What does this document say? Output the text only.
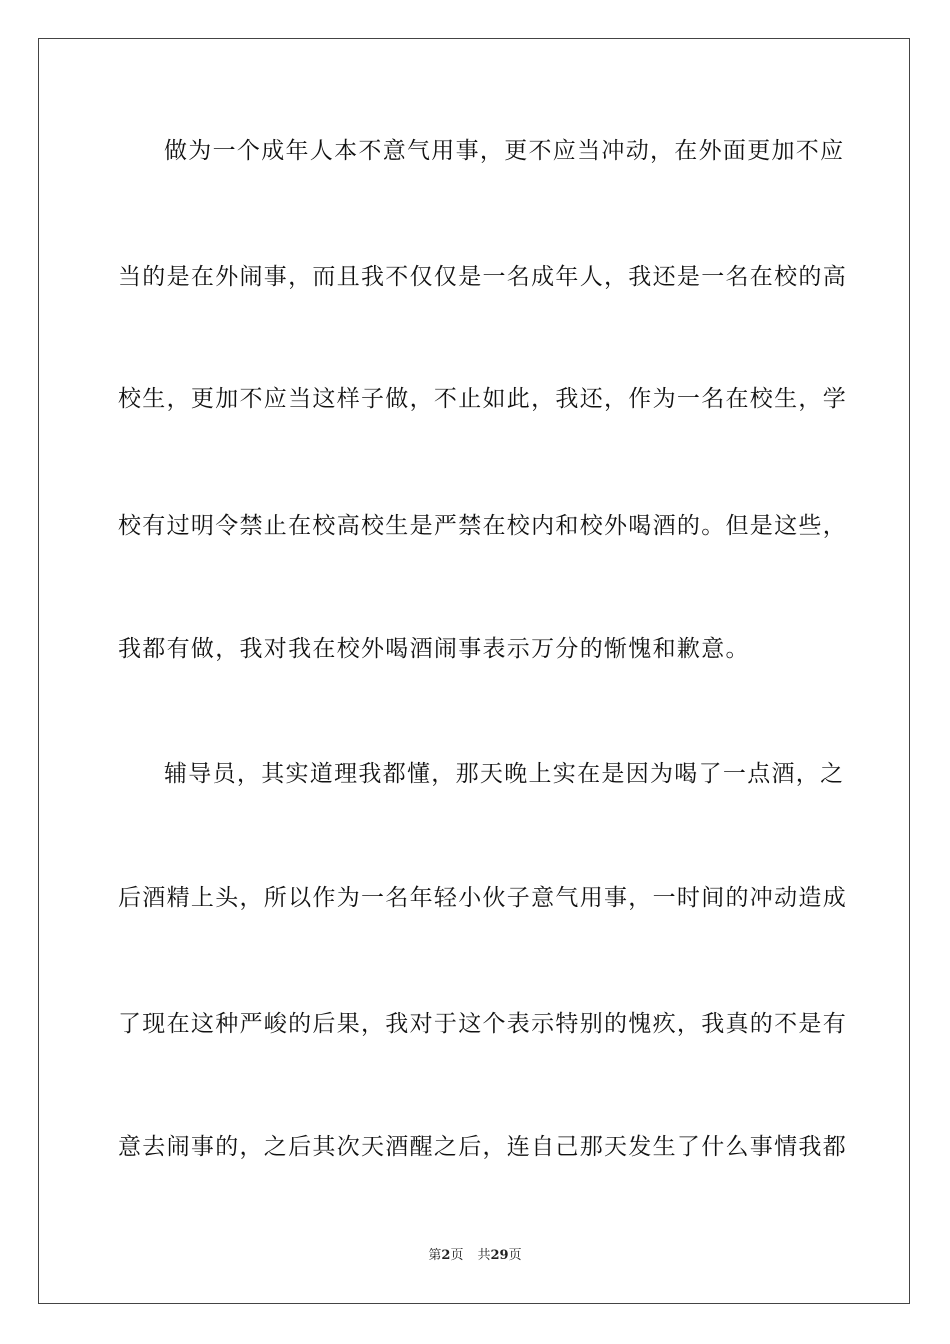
做为一个成年人本不意气用事，更不应当冲动，在外面更加不应
当的是在外闹事，而且我不仅仅是一名成年人，我还是一名在校的高
校生，更加不应当这样子做，不止如此，我还，作为一名在校生，学
校有过明令禁止在校高校生是严禁在校内和校外喝酒的。但是这些，
我都有做，我对我在校外喝酒闹事表示万分的惭愧和歉意。
辅导员，其实道理我都懂，那天晚上实在是因为喝了一点酒，之
后酒精上头，所以作为一名年轻小伙子意气用事，一时间的冲动造成
了现在这种严峻的后果，我对于这个表示特别的愧疚，我真的不是有
意去闹事的，之后其次天酒醒之后，连自己那天发生了什么事情我都
第2页 共29页
